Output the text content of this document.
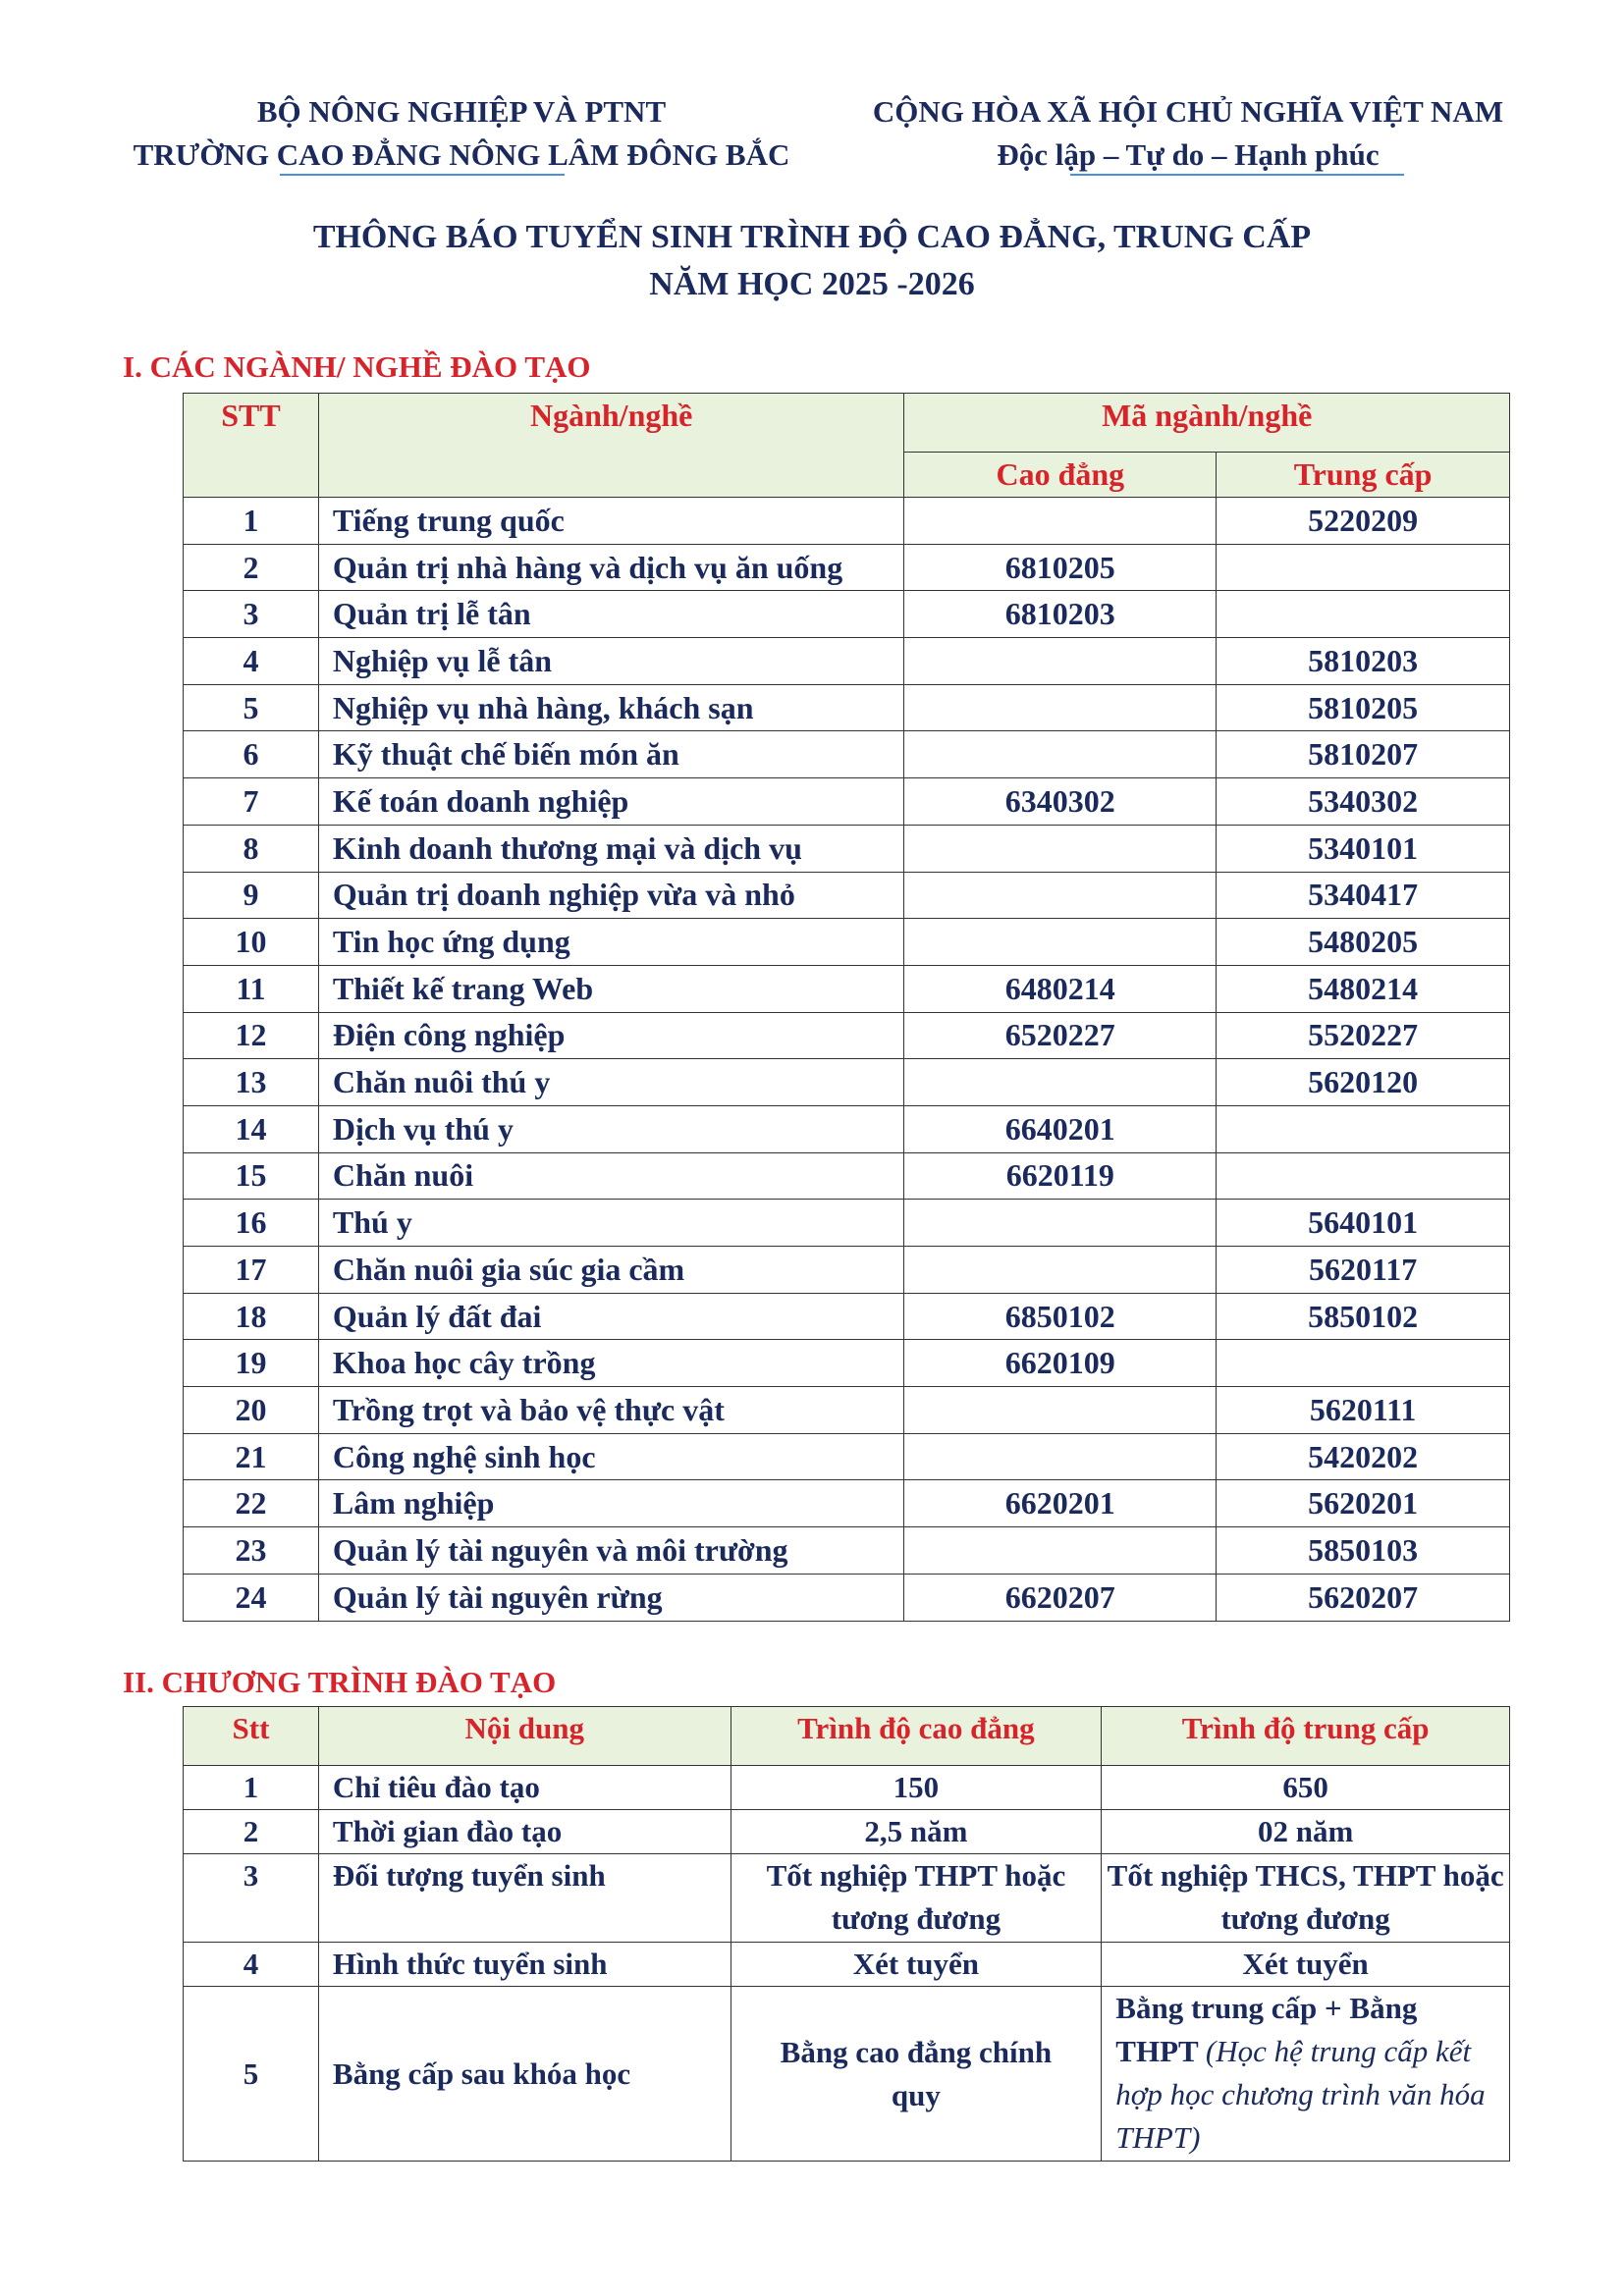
BỘ NÔNG NGHIỆP VÀ PTNT
TRƯỜNG CAO ĐẲNG NÔNG LÂM ĐÔNG BẮC
CỘNG HÒA XÃ HỘI CHỦ NGHĨA VIỆT NAM
Độc lập – Tự do – Hạnh phúc
THÔNG BÁO TUYỂN SINH TRÌNH ĐỘ CAO ĐẲNG, TRUNG CẤP
NĂM HỌC 2025 -2026
I. CÁC NGÀNH/ NGHỀ ĐÀO TẠO
STT	Ngành/nghề	Mã ngành/nghề	
		Cao đẳng	Trung cấp
1	Tiếng trung quốc		5220209
2	Quản trị nhà hàng và dịch vụ ăn uống	6810205	
3	Quản trị lễ tân	6810203	
4	Nghiệp vụ lễ tân		5810203
5	Nghiệp vụ nhà hàng, khách sạn		5810205
6	Kỹ thuật chế biến món ăn		5810207
7	Kế toán doanh nghiệp	6340302	5340302
8	Kinh doanh thương mại và dịch vụ		5340101
9	Quản trị doanh nghiệp vừa và nhỏ		5340417
10	Tin học ứng dụng		5480205
11	Thiết kế trang Web	6480214	5480214
12	Điện công nghiệp	6520227	5520227
13	Chăn nuôi thú y		5620120
14	Dịch vụ thú y	6640201	
15	Chăn nuôi	6620119	
16	Thú y		5640101
17	Chăn nuôi gia súc gia cầm		5620117
18	Quản lý đất đai	6850102	5850102
19	Khoa học cây trồng	6620109	
20	Trồng trọt và bảo vệ thực vật		5620111
21	Công nghệ sinh học		5420202
22	Lâm nghiệp	6620201	5620201
23	Quản lý tài nguyên và môi trường		5850103
24	Quản lý tài nguyên rừng	6620207	5620207
II. CHƯƠNG TRÌNH ĐÀO TẠO
Stt	Nội dung	Trình độ cao đẳng	Trình độ trung cấp
1	Chỉ tiêu đào tạo	150	650
2	Thời gian đào tạo	2,5 năm	02 năm
3	Đối tượng tuyển sinh	Tốt nghiệp THPT hoặc tương đương	Tốt nghiệp THCS, THPT hoặc tương đương
4	Hình thức tuyển sinh	Xét tuyển	Xét tuyển
5	Bằng cấp sau khóa học	Bằng cao đẳng chính quy	Bằng trung cấp + Bằng THPT (Học hệ trung cấp kết hợp học chương trình văn hóa THPT)
